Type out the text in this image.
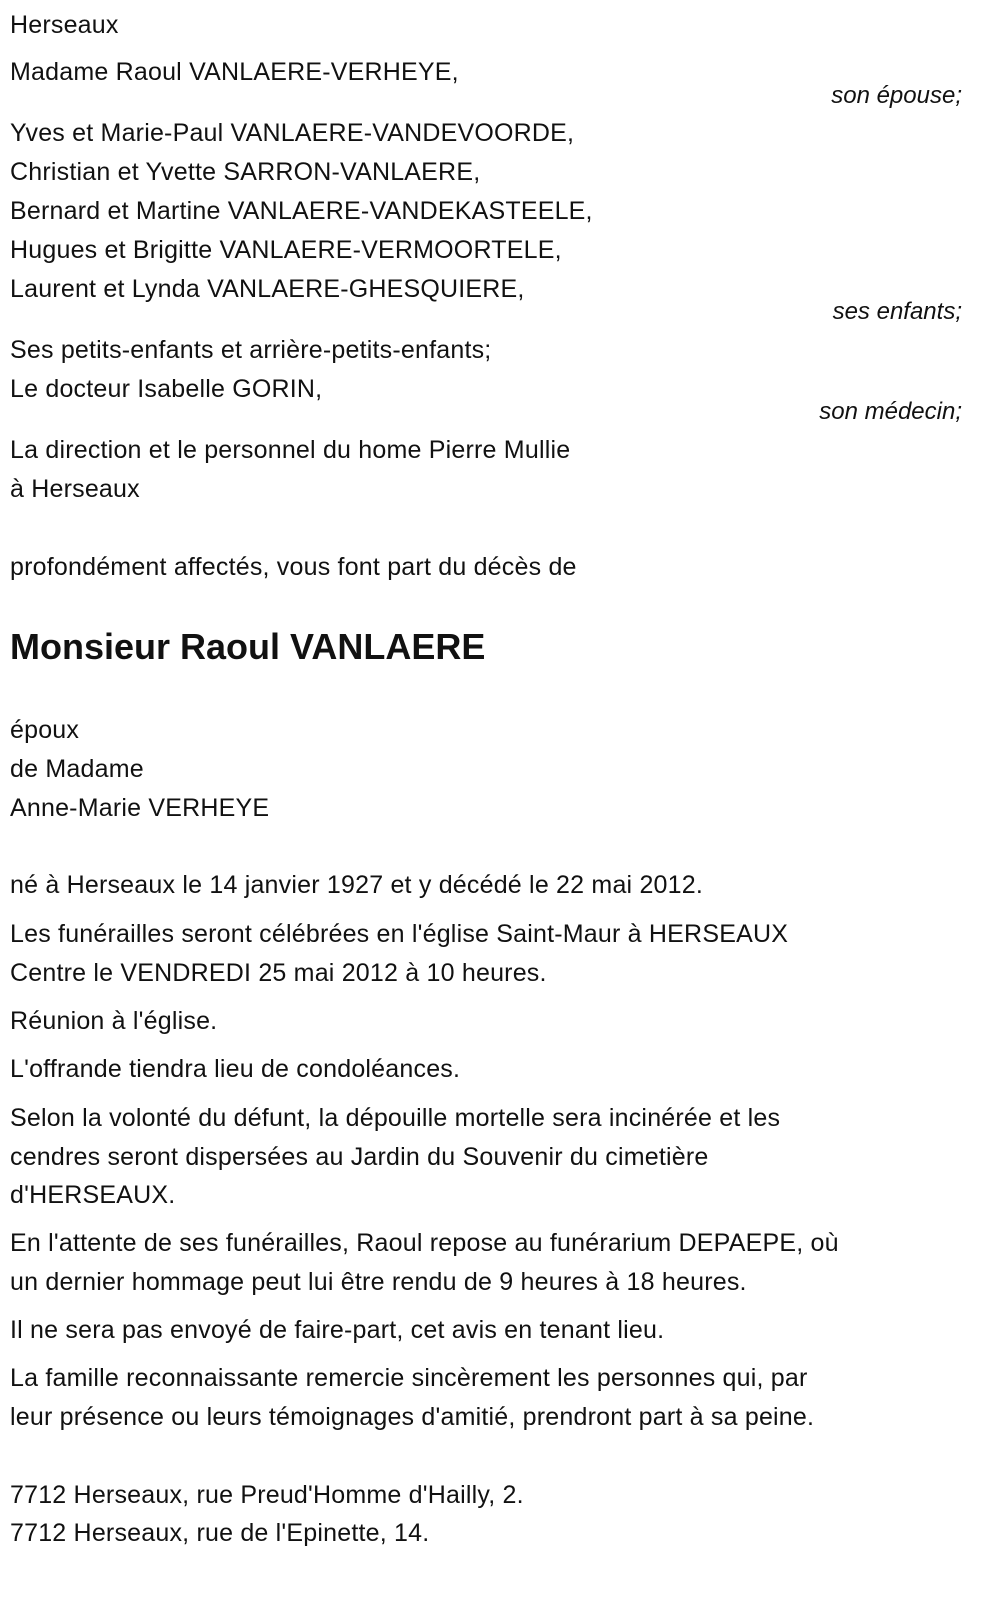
Herseaux
Madame Raoul VANLAERE-VERHEYE,
son épouse;
Yves et Marie-Paul VANLAERE-VANDEVOORDE,
Christian et Yvette SARRON-VANLAERE,
Bernard et Martine VANLAERE-VANDEKASTEELE,
Hugues et Brigitte VANLAERE-VERMOORTELE,
Laurent et Lynda VANLAERE-GHESQUIERE,
ses enfants;
Ses petits-enfants et arrière-petits-enfants;
Le docteur Isabelle GORIN,
son médecin;
La direction et le personnel du home Pierre Mullie
à Herseaux
profondément affectés, vous font part du décès de
Monsieur Raoul VANLAERE
époux
de Madame
Anne-Marie VERHEYE
né à Herseaux le 14 janvier 1927 et y décédé le 22 mai 2012.
Les funérailles seront célébrées en l'église Saint-Maur à HERSEAUX
Centre le VENDREDI 25 mai 2012 à 10 heures.
Réunion à l'église.
L'offrande tiendra lieu de condoléances.
Selon la volonté du défunt, la dépouille mortelle sera incinérée et les
cendres seront dispersées au Jardin du Souvenir du cimetière
d'HERSEAUX.
En l'attente de ses funérailles, Raoul repose au funérarium DEPAEPE, où
un dernier hommage peut lui être rendu de 9 heures à 18 heures.
Il ne sera pas envoyé de faire-part, cet avis en tenant lieu.
La famille reconnaissante remercie sincèrement les personnes qui, par
leur présence ou leurs témoignages d'amitié, prendront part à sa peine.
7712 Herseaux, rue Preud'Homme d'Hailly, 2.
7712 Herseaux, rue de l'Epinette, 14.
